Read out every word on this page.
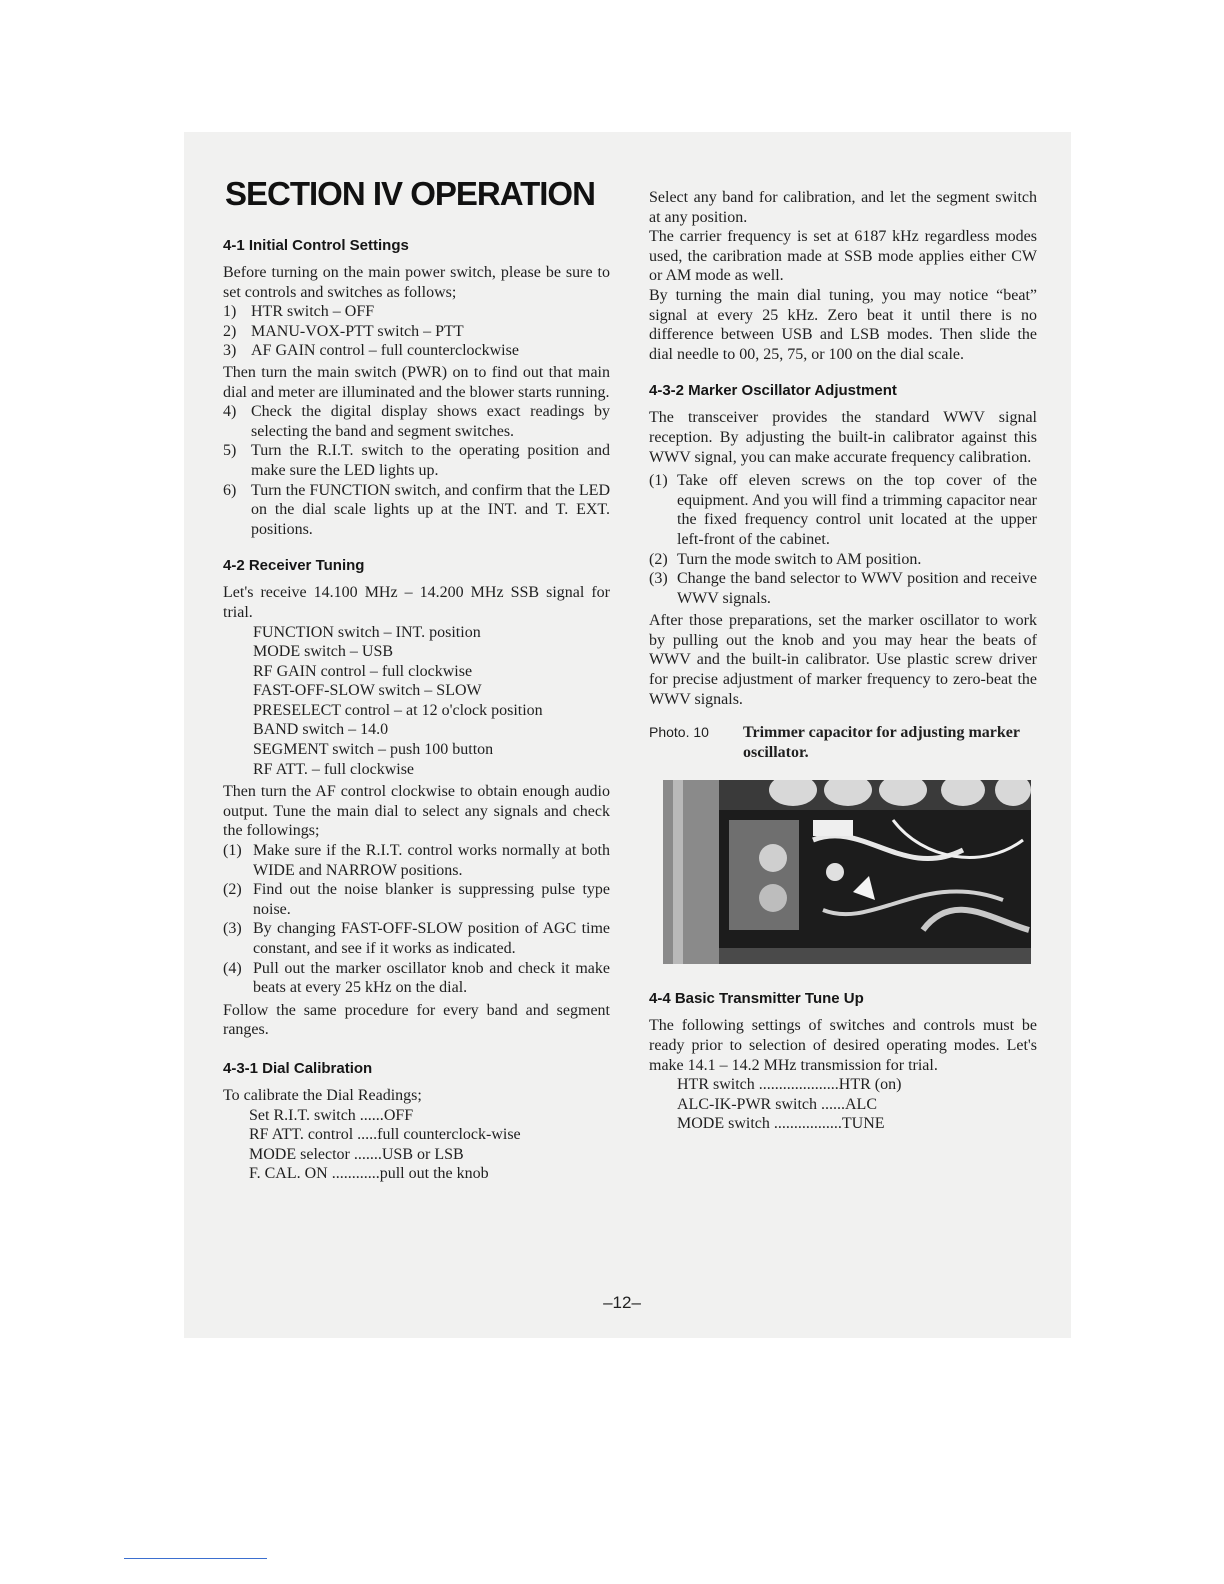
SECTION IV OPERATION
4-1 Initial Control Settings

Before turning on the main power switch, please be sure to set controls and switches as follows;

1) HTR switch – OFF
2) MANU-VOX-PTT switch – PTT
3) AF GAIN control – full counterclockwise

Then turn the main switch (PWR) on to find out that main dial and meter are illuminated and the blower starts running.

4) Check the digital display shows exact readings by selecting the band and segment switches.
5) Turn the R.I.T. switch to the operating position and make sure the LED lights up.
6) Turn the FUNCTION switch, and confirm that the LED on the dial scale lights up at the INT. and T. EXT. positions.
4-2 Receiver Tuning

Let's receive 14.100 MHz – 14.200 MHz SSB signal for trial.

FUNCTION switch – INT. position

MODE switch – USB

RF GAIN control – full clockwise

FAST-OFF-SLOW switch – SLOW

PRESELECT control – at 12 o'clock position

BAND switch – 14.0

SEGMENT switch – push 100 button

RF ATT. – full clockwise

Then turn the AF control clockwise to obtain enough audio output. Tune the main dial to select any signals and check the followings;

(1) Make sure if the R.I.T. control works normally at both WIDE and NARROW positions.
(2) Find out the noise blanker is suppressing pulse type noise.
(3) By changing FAST-OFF-SLOW position of AGC time constant, and see if it works as indicated.
(4) Pull out the marker oscillator knob and check it make beats at every 25 kHz on the dial.

Follow the same procedure for every band and segment ranges.

4-3-1 Dial Calibration

To calibrate the Dial Readings;

Set R.I.T. switch ...... OFF
RF ATT. control ..... full counterclock-wise
MODE selector ....... USB or LSB
F. CAL. ON ............ pull out the knob

Select any band for calibration, and let the segment switch at any position.

The carrier frequency is set at 6187 kHz regardless modes used, the caribration made at SSB mode applies either CW or AM mode as well.

By turning the main dial tuning, you may notice “beat” signal at every 25 kHz. Zero beat it until there is no difference between USB and LSB modes. Then slide the dial needle to 00, 25, 75, or 100 on the dial scale.

4-3-2 Marker Oscillator Adjustment

The transceiver provides the standard WWV signal reception. By adjusting the built-in calibrator against this WWV signal, you can make accurate frequency calibration.

(1) Take off eleven screws on the top cover of the equipment. And you will find a trimming capacitor near the fixed frequency control unit located at the upper left-front of the cabinet.
(2) Turn the mode switch to AM position.
(3) Change the band selector to WWV position and receive WWV signals.

After those preparations, set the marker oscillator to work by pulling out the knob and you may hear the beats of WWV and the built-in calibrator. Use plastic screw driver for precise adjustment of marker frequency to zero-beat the WWV signals.

Photo. 10	Trimmer capacitor for adjusting marker oscillator.
4-4 Basic Transmitter Tune Up

The following settings of switches and controls must be ready prior to selection of desired operating modes. Let's make 14.1 – 14.2 MHz transmission for trial.

HTR switch .................... HTR (on)
ALC-IK-PWR switch ...... ALC
MODE switch ................. TUNE
–12–
